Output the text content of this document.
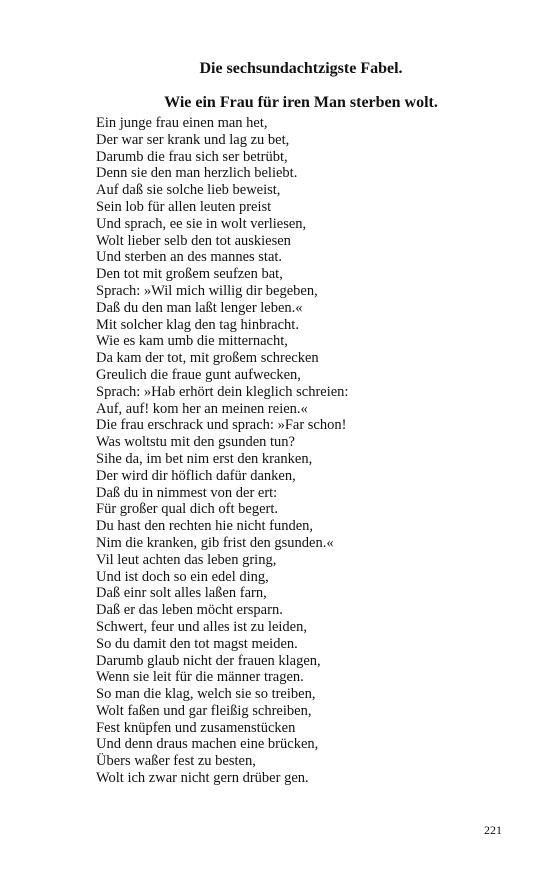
Die sechsundachtzigste Fabel.
Wie ein Frau für iren Man sterben wolt.
Ein junge frau einen man het,
Der war ser krank und lag zu bet,
Darumb die frau sich ser betrübt,
Denn sie den man herzlich beliebt.
Auf daß sie solche lieb beweist,
Sein lob für allen leuten preist
Und sprach, ee sie in wolt verliesen,
Wolt lieber selb den tot auskiesen
Und sterben an des mannes stat.
Den tot mit großem seufzen bat,
Sprach: »Wil mich willig dir begeben,
Daß du den man laßt lenger leben.«
Mit solcher klag den tag hinbracht.
Wie es kam umb die mitternacht,
Da kam der tot, mit großem schrecken
Greulich die fraue gunt aufwecken,
Sprach: »Hab erhört dein kleglich schreien:
Auf, auf! kom her an meinen reien.«
Die frau erschrack und sprach: »Far schon!
Was woltstu mit den gsunden tun?
Sihe da, im bet nim erst den kranken,
Der wird dir höflich dafür danken,
Daß du in nimmest von der ert:
Für großer qual dich oft begert.
Du hast den rechten hie nicht funden,
Nim die kranken, gib frist den gsunden.«
Vil leut achten das leben gring,
Und ist doch so ein edel ding,
Daß einr solt alles laßen farn,
Daß er das leben möcht ersparn.
Schwert, feur und alles ist zu leiden,
So du damit den tot magst meiden.
Darumb glaub nicht der frauen klagen,
Wenn sie leit für die männer tragen.
So man die klag, welch sie so treiben,
Wolt faßen und gar fleißig schreiben,
Fest knüpfen und zusamenstücken
Und denn draus machen eine brücken,
Übers waßer fest zu besten,
Wolt ich zwar nicht gern drüber gen.
221
